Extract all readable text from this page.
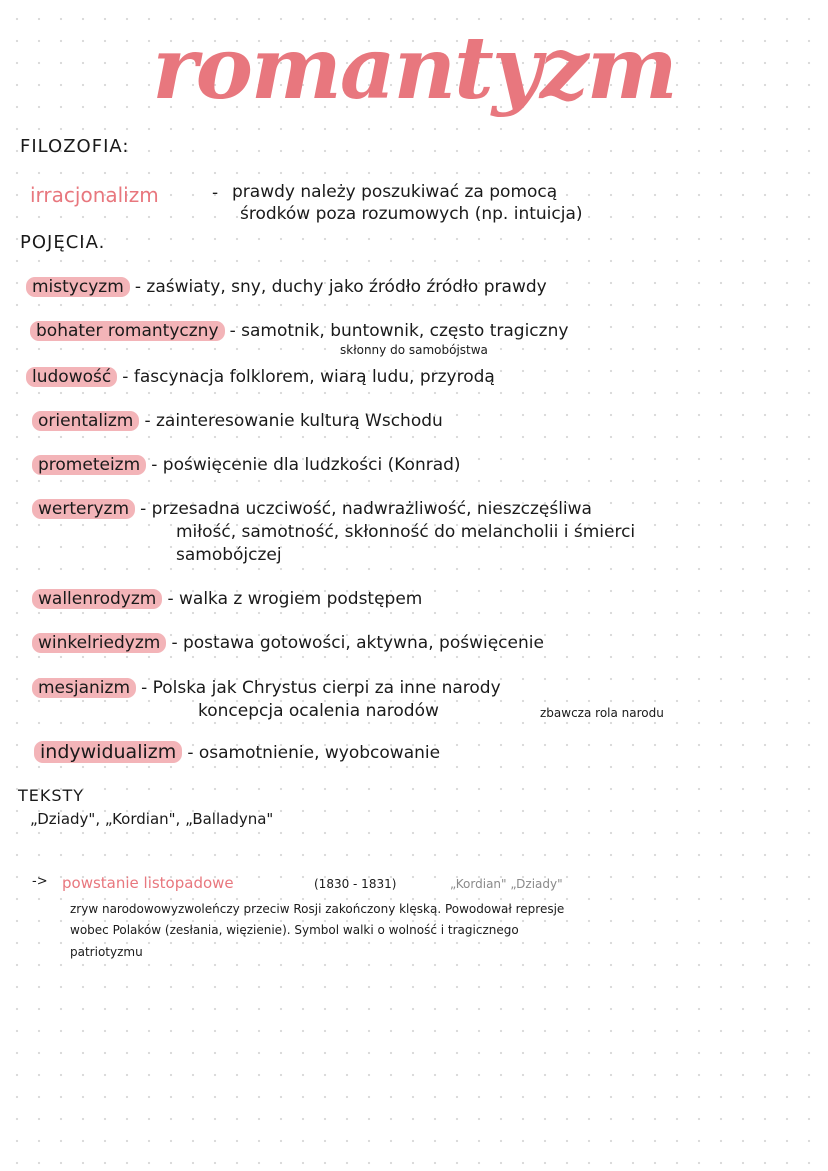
romantyzm
FILOZOFIA:
irracjonalizm	- prawdy należy poszukiwać za pomocą
środków poza rozumowych (np. intuicja)
POJĘCIA.
mistycyzm - zaświaty, sny, duchy jako źródło źródło prawdy
bohater romantyczny - samotnik, buntownik, często tragiczny
skłonny do samobójstwa
ludowość - fascynacja folklorem, wiarą ludu, przyrodą
orientalizm - zainteresowanie kulturą Wschodu
prometeizm - poświęcenie dla ludzkości (Konrad)
werteryzm - przesadna uczciwość, nadwrażliwość, nieszczęśliwa
miłość, samotność, skłonność do melancholii i śmierci
samobójczej
wallenrodyzm - walka z wrogiem podstępem
winkelriedyzm - postawa gotowości, aktywna, poświęcenie
mesjanizm - Polska jak Chrystus cierpi za inne narody
koncepcja ocalenia narodów	zbawcza rola narodu
indywidualizm - osamotnienie, wyobcowanie
TEKSTY
„Dziady", „Kordian", „Balladyna"
-> powstanie listopadowe	(1830 - 1831)	„Kordian" „Dziady"
zryw narodowowyzwoleńczy przeciw Rosji zakończony klęską. Powodował represje
wobec Polaków (zesłania, więzienie). Symbol walki o wolność i tragicznego
patriotyzmu
